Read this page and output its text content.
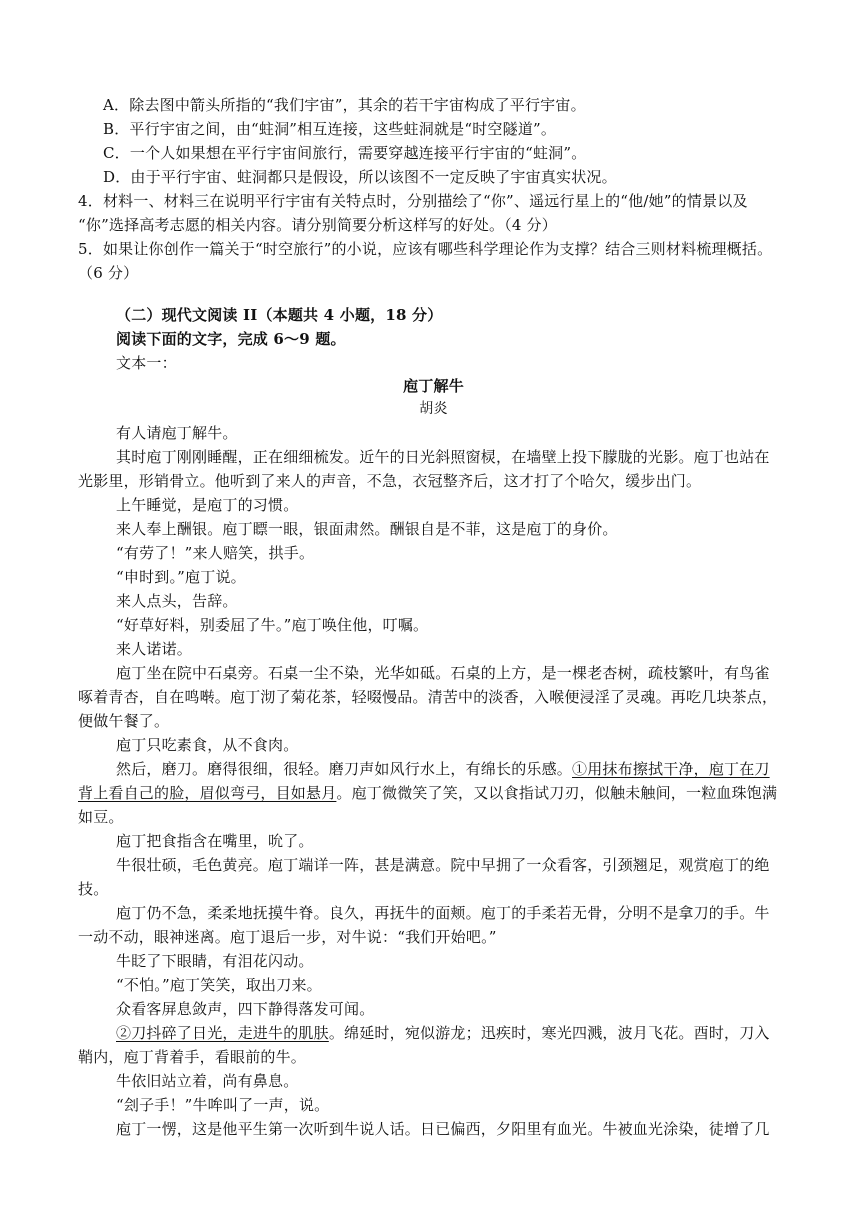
A．除去图中箭头所指的“我们宇宙”，其余的若干宇宙构成了平行宇宙。
B．平行宇宙之间，由“蛀洞”相互连接，这些蛀洞就是“时空隧道”。
C．一个人如果想在平行宇宙间旅行，需要穿越连接平行宇宙的“蛀洞”。
D．由于平行宇宙、蛀洞都只是假设，所以该图不一定反映了宇宙真实状况。
4．材料一、材料三在说明平行宇宙有关特点时，分别描绘了“你”、遥远行星上的“他/她”的情景以及
“你”选择高考志愿的相关内容。请分别简要分析这样写的好处。（4 分）
5．如果让你创作一篇关于“时空旅行”的小说，应该有哪些科学理论作为支撑？结合三则材料梳理概括。
（6 分）
（二）现代文阅读 II（本题共 4 小题，18 分）
阅读下面的文字，完成 6～9 题。
文本一：
庖丁解牛
胡炎
有人请庖丁解牛。
其时庖丁刚刚睡醒，正在细细梳发。近午的日光斜照窗棂，在墙壁上投下朦胧的光影。庖丁也站在
光影里，形销骨立。他听到了来人的声音，不急，衣冠整齐后，这才打了个哈欠，缓步出门。
上午睡觉，是庖丁的习惯。
来人奉上酬银。庖丁瞟一眼，银面肃然。酬银自是不菲，这是庖丁的身价。
“有劳了！”来人赔笑，拱手。
“申时到。”庖丁说。
来人点头，告辞。
“好草好料，别委屈了牛。”庖丁唤住他，叮嘱。
来人诺诺。
庖丁坐在院中石桌旁。石桌一尘不染，光华如砥。石桌的上方，是一棵老杏树，疏枝繁叶，有鸟雀
啄着青杏，自在鸣啭。庖丁沏了菊花茶，轻啜慢品。清苦中的淡香，入喉便浸淫了灵魂。再吃几块茶点，
便做午餐了。
庖丁只吃素食，从不食肉。
然后，磨刀。磨得很细，很轻。磨刀声如风行水上，有绵长的乐感。①用抹布擦拭干净，庖丁在刀
背上看自己的脸，眉似弯弓，目如悬月。庖丁微微笑了笑，又以食指试刀刃，似触未触间，一粒血珠饱满
如豆。
庖丁把食指含在嘴里，吮了。
牛很壮硕，毛色黄亮。庖丁端详一阵，甚是满意。院中早拥了一众看客，引颈翘足，观赏庖丁的绝
技。
庖丁仍不急，柔柔地抚摸牛脊。良久，再抚牛的面颊。庖丁的手柔若无骨，分明不是拿刀的手。牛
一动不动，眼神迷离。庖丁退后一步，对牛说：“我们开始吧。”
牛眨了下眼睛，有泪花闪动。
“不怕。”庖丁笑笑，取出刀来。
众看客屏息敛声，四下静得落发可闻。
②刀抖碎了日光，走进牛的肌肤。绵延时，宛似游龙；迅疾时，寒光四溅，波月飞花。酉时，刀入
鞘内，庖丁背着手，看眼前的牛。
牛依旧站立着，尚有鼻息。
“刽子手！”牛哞叫了一声，说。
庖丁一愣，这是他平生第一次听到牛说人话。日已偏西，夕阳里有血光。牛被血光涂染，徒增了几
